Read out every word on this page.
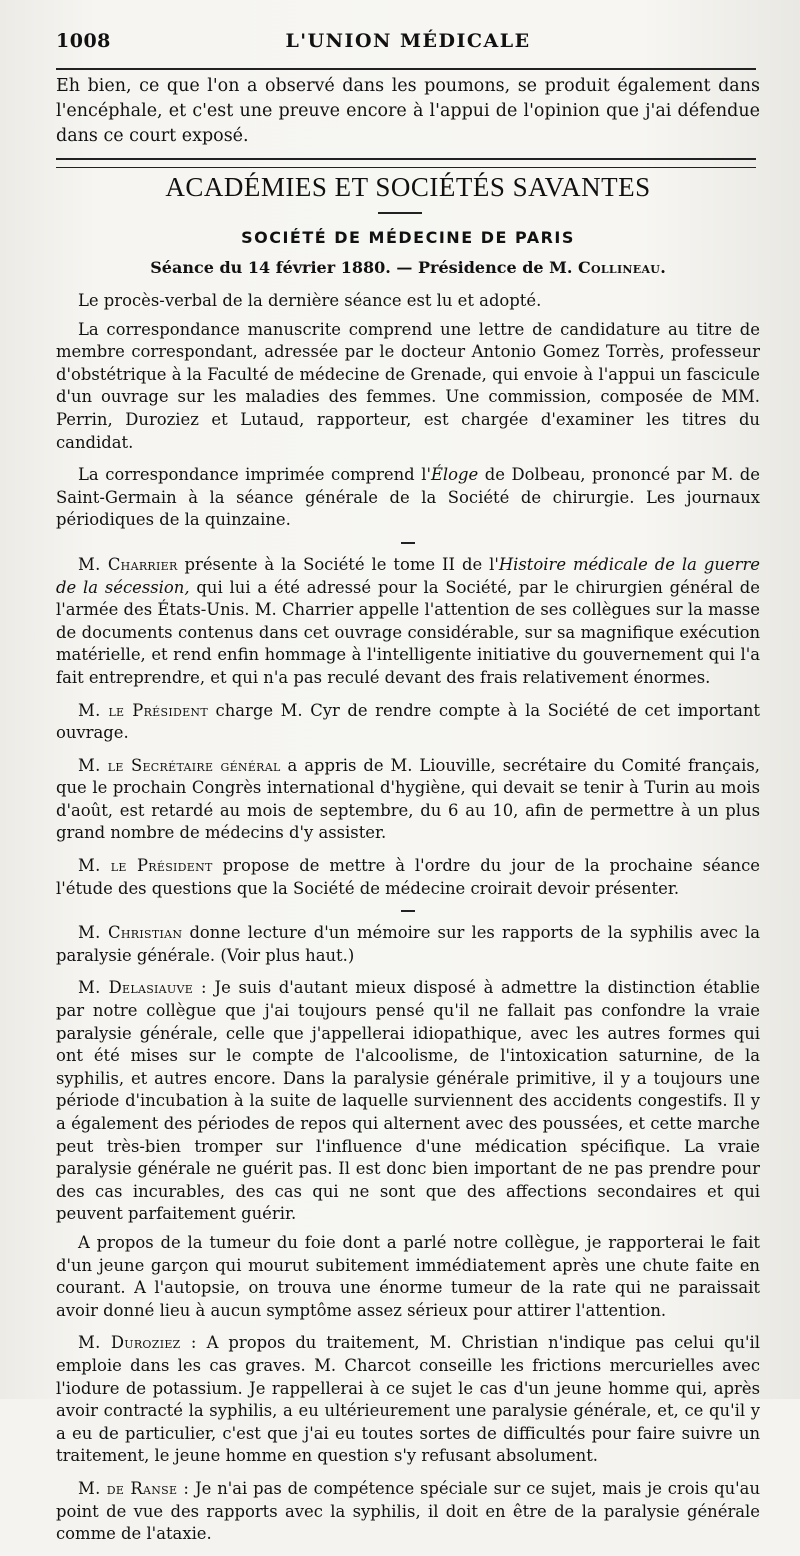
1008	L'UNION MÉDICALE
Eh bien, ce que l'on a observé dans les poumons, se produit également dans l'encéphale, et c'est une preuve encore à l'appui de l'opinion que j'ai défendue dans ce court exposé.
ACADÉMIES ET SOCIÉTÉS SAVANTES
SOCIÉTÉ DE MÉDECINE DE PARIS
Séance du 14 février 1880. — Présidence de M. Collineau.

Le procès-verbal de la dernière séance est lu et adopté.

La correspondance manuscrite comprend une lettre de candidature au titre de membre correspondant, adressée par le docteur Antonio Gomez Torrès, professeur d'obstétrique à la Faculté de médecine de Grenade, qui envoie à l'appui un fascicule d'un ouvrage sur les maladies des femmes. Une commission, composée de MM. Perrin, Duroziez et Lutaud, rapporteur, est chargée d'examiner les titres du candidat.

La correspondance imprimée comprend l'Éloge de Dolbeau, prononcé par M. de Saint-Germain à la séance générale de la Société de chirurgie. Les journaux périodiques de la quinzaine.

M. Charrier présente à la Société le tome II de l'Histoire médicale de la guerre de la sécession, qui lui a été adressé pour la Société, par le chirurgien général de l'armée des États-Unis. M. Charrier appelle l'attention de ses collègues sur la masse de documents contenus dans cet ouvrage considérable, sur sa magnifique exécution matérielle, et rend enfin hommage à l'intelligente initiative du gouvernement qui l'a fait entreprendre, et qui n'a pas reculé devant des frais relativement énormes.

M. le Président charge M. Cyr de rendre compte à la Société de cet important ouvrage.

M. le Secrétaire général a appris de M. Liouville, secrétaire du Comité français, que le prochain Congrès international d'hygiène, qui devait se tenir à Turin au mois d'août, est retardé au mois de septembre, du 6 au 10, afin de permettre à un plus grand nombre de médecins d'y assister.

M. le Président propose de mettre à l'ordre du jour de la prochaine séance l'étude des questions que la Société de médecine croirait devoir présenter.

M. Christian donne lecture d'un mémoire sur les rapports de la syphilis avec la paralysie générale. (Voir plus haut.)

M. Delasiauve : Je suis d'autant mieux disposé à admettre la distinction établie par notre collègue que j'ai toujours pensé qu'il ne fallait pas confondre la vraie paralysie générale, celle que j'appellerai idiopathique, avec les autres formes qui ont été mises sur le compte de l'alcoolisme, de l'intoxication saturnine, de la syphilis, et autres encore. Dans la paralysie générale primitive, il y a toujours une période d'incubation à la suite de laquelle surviennent des accidents congestifs. Il y a également des périodes de repos qui alternent avec des poussées, et cette marche peut très-bien tromper sur l'influence d'une médication spécifique. La vraie paralysie générale ne guérit pas. Il est donc bien important de ne pas prendre pour des cas incurables, des cas qui ne sont que des affections secondaires et qui peuvent parfaitement guérir.

A propos de la tumeur du foie dont a parlé notre collègue, je rapporterai le fait d'un jeune garçon qui mourut subitement immédiatement après une chute faite en courant. A l'autopsie, on trouva une énorme tumeur de la rate qui ne paraissait avoir donné lieu à aucun symptôme assez sérieux pour attirer l'attention.

M. Duroziez : A propos du traitement, M. Christian n'indique pas celui qu'il emploie dans les cas graves. M. Charcot conseille les frictions mercurielles avec l'iodure de potassium. Je rappellerai à ce sujet le cas d'un jeune homme qui, après avoir contracté la syphilis, a eu ultérieurement une paralysie générale, et, ce qu'il y a eu de particulier, c'est que j'ai eu toutes sortes de difficultés pour faire suivre un traitement, le jeune homme en question s'y refusant absolument.

M. de Ranse : Je n'ai pas de compétence spéciale sur ce sujet, mais je crois qu'au point de vue des rapports avec la syphilis, il doit en être de la paralysie générale comme de l'ataxie.
